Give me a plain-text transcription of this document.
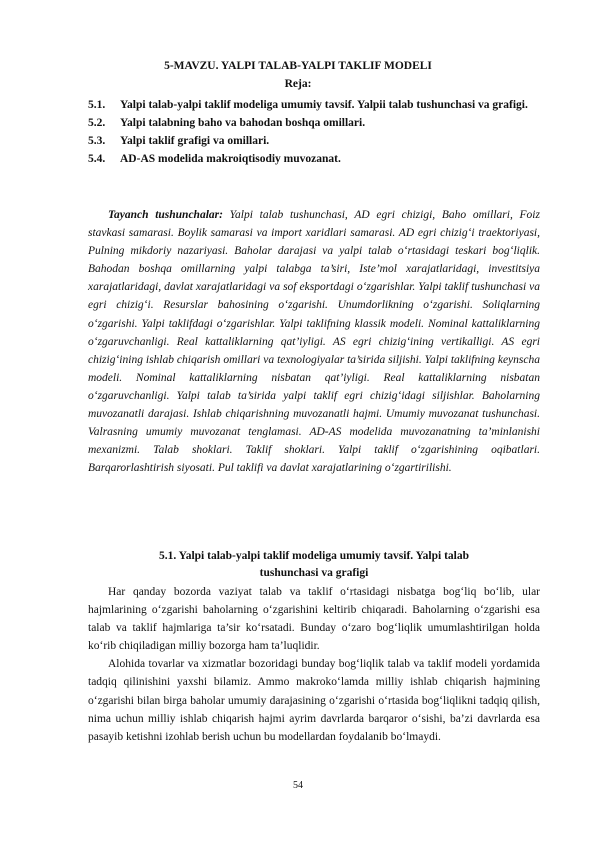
5-MAVZU. YALPI TALAB-YALPI TAKLIF MODELI
Reja:
5.1.	Yalpi talab-yalpi taklif modeliga umumiy tavsif. Yalpii talab tushunchasi va grafigi.
5.2.	Yalpi talabning baho va bahodan boshqa omillari.
5.3.	Yalpi taklif grafigi va omillari.
5.4.	AD-AS modelida makroiqtisodiy muvozanat.

Tayanch tushunchalar: Yalpi talab tushunchasi, AD egri chizigi, Baho omillari, Foiz stavkasi samarasi. Boylik samarasi va import xaridlari samarasi. AD egri chizig‘i traektoriyasi, Pulning mikdoriy nazariyasi. Baholar darajasi va yalpi talab o‘rtasidagi teskari bog‘liqlik. Bahodan boshqa omillarning yalpi talabga ta’siri, Iste’mol xarajatlaridagi, investitsiya xarajatlaridagi, davlat xarajatlaridagi va sof eksportdagi o‘zgarishlar. Yalpi taklif tushunchasi va egri chizig‘i. Resurslar bahosining o‘zgarishi. Unumdorlikning o‘zgarishi. Soliqlarning o‘zgarishi. Yalpi taklifdagi o‘zgarishlar. Yalpi taklifning klassik modeli. Nominal kattaliklarning o‘zgaruvchanligi. Real kattaliklarning qat’iyligi. AS egri chizig‘ining vertikalligi. AS egri chizig‘ining ishlab chiqarish omillari va texnologiyalar ta’sirida siljishi. Yalpi taklifning keynscha modeli. Nominal kattaliklarning nisbatan qat’iyligi. Real kattaliklarning nisbatan o‘zgaruvchanligi. Yalpi talab ta’sirida yalpi taklif egri chizig‘idagi siljishlar. Baholarning muvozanatli darajasi. Ishlab chiqarishning muvozanatli hajmi. Umumiy muvozanat tushunchasi. Valrasning umumiy muvozanat tenglamasi. AD-AS modelida muvozanatning ta’minlanishi mexanizmi. Talab shoklari. Taklif shoklari. Yalpi taklif o‘zgarishining oqibatlari. Barqarorlashtirish siyosati. Pul taklifi va davlat xarajatlarining o‘zgartirilishi.

5.1. Yalpi talab-yalpi taklif modeliga umumiy tavsif. Yalpi talab
tushunchasi va grafigi

Har qanday bozorda vaziyat talab va taklif o‘rtasidagi nisbatga bog‘liq bo‘lib, ular hajmlarining o‘zgarishi baholarning o‘zgarishini keltirib chiqaradi. Baholarning o‘zgarishi esa talab va taklif hajmlariga ta’sir ko‘rsatadi. Bunday o‘zaro bog‘liqlik umumlashtirilgan holda ko‘rib chiqiladigan milliy bozorga ham ta’luqlidir.

Alohida tovarlar va xizmatlar bozoridagi bunday bog‘liqlik talab va taklif modeli yordamida tadqiq qilinishini yaxshi bilamiz. Ammo makroko‘lamda milliy ishlab chiqarish hajmining o‘zgarishi bilan birga baholar umumiy darajasining o‘zgarishi o‘rtasida bog‘liqlikni tadqiq qilish, nima uchun milliy ishlab chiqarish hajmi ayrim davrlarda barqaror o‘sishi, ba’zi davrlarda esa pasayib ketishni izohlab berish uchun bu modellardan foydalanib bo‘lmaydi.

54
